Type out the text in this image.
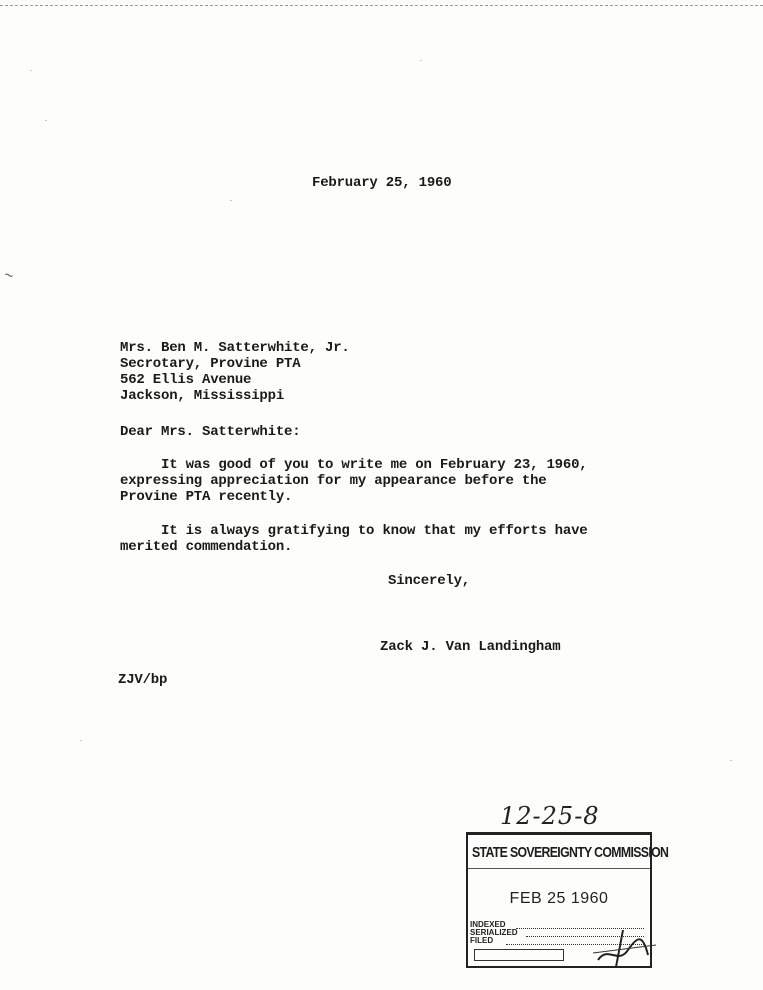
~
February 25, 1960
Mrs. Ben M. Satterwhite, Jr.
Secrotary, Provine PTA
562 Ellis Avenue
Jackson, Mississippi
Dear Mrs. Satterwhite:
It was good of you to write me on February 23, 1960,
expressing appreciation for my appearance before the
Provine PTA recently.
It is always gratifying to know that my efforts have
merited commendation.
Sincerely,
Zack J. Van Landingham
ZJV/bp
12-25-8
STATE SOVEREIGNTY COMMISSION
FEB 25 1960
INDEXED
SERIALIZED
FILED
